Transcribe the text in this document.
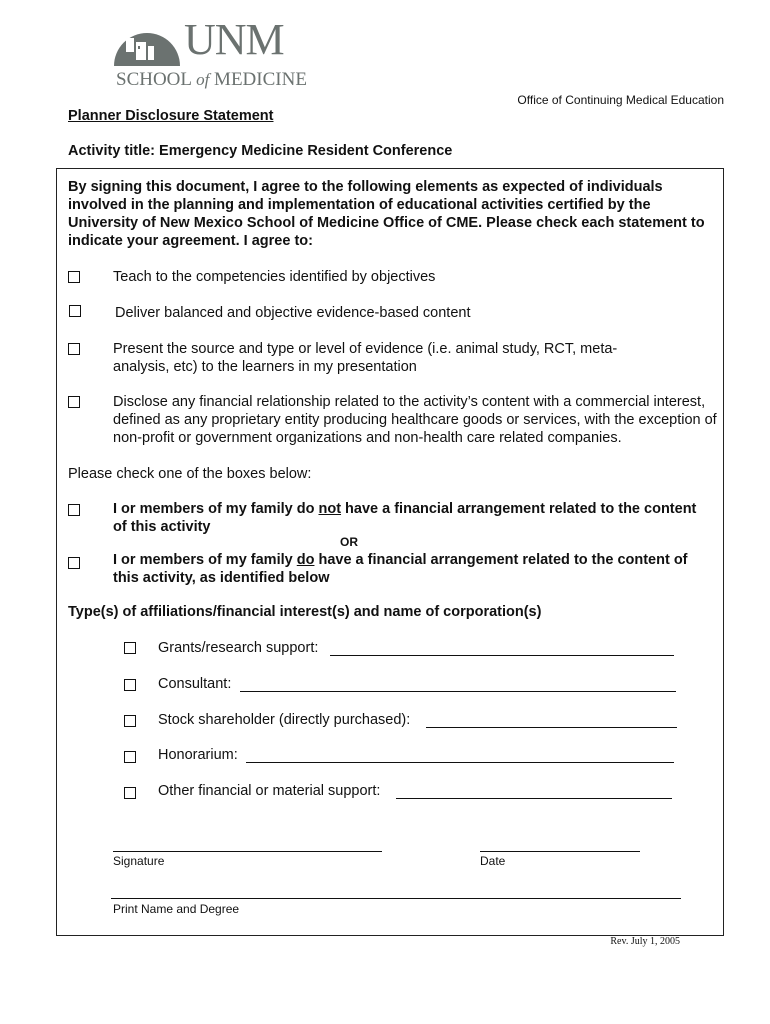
UNM
SCHOOL of MEDICINE
Office of Continuing Medical Education
Planner Disclosure Statement
Activity title: Emergency Medicine Resident Conference
By signing this document, I agree to the following elements as expected of individuals involved in the planning and implementation of educational activities certified by the University of New Mexico School of Medicine Office of CME. Please check each statement to indicate your agreement. I agree to:
Teach to the competencies identified by objectives
Deliver balanced and objective evidence-based content
Present the source and type or level of evidence (i.e. animal study, RCT, meta-analysis, etc) to the learners in my presentation
Disclose any financial relationship related to the activity’s content with a commercial interest, defined as any proprietary entity producing healthcare goods or services, with the exception of non-profit or government organizations and non-health care related companies.
Please check one of the boxes below:
I or members of my family do not have a financial arrangement related to the content of this activity
OR
I or members of my family do have a financial arrangement related to the content of this activity, as identified below
Type(s) of affiliations/financial interest(s) and name of corporation(s)
Grants/research support:
Consultant:
Stock shareholder (directly purchased):
Honorarium:
Other financial or material support:
Signature	Date
Print Name and Degree
Rev. July 1, 2005
